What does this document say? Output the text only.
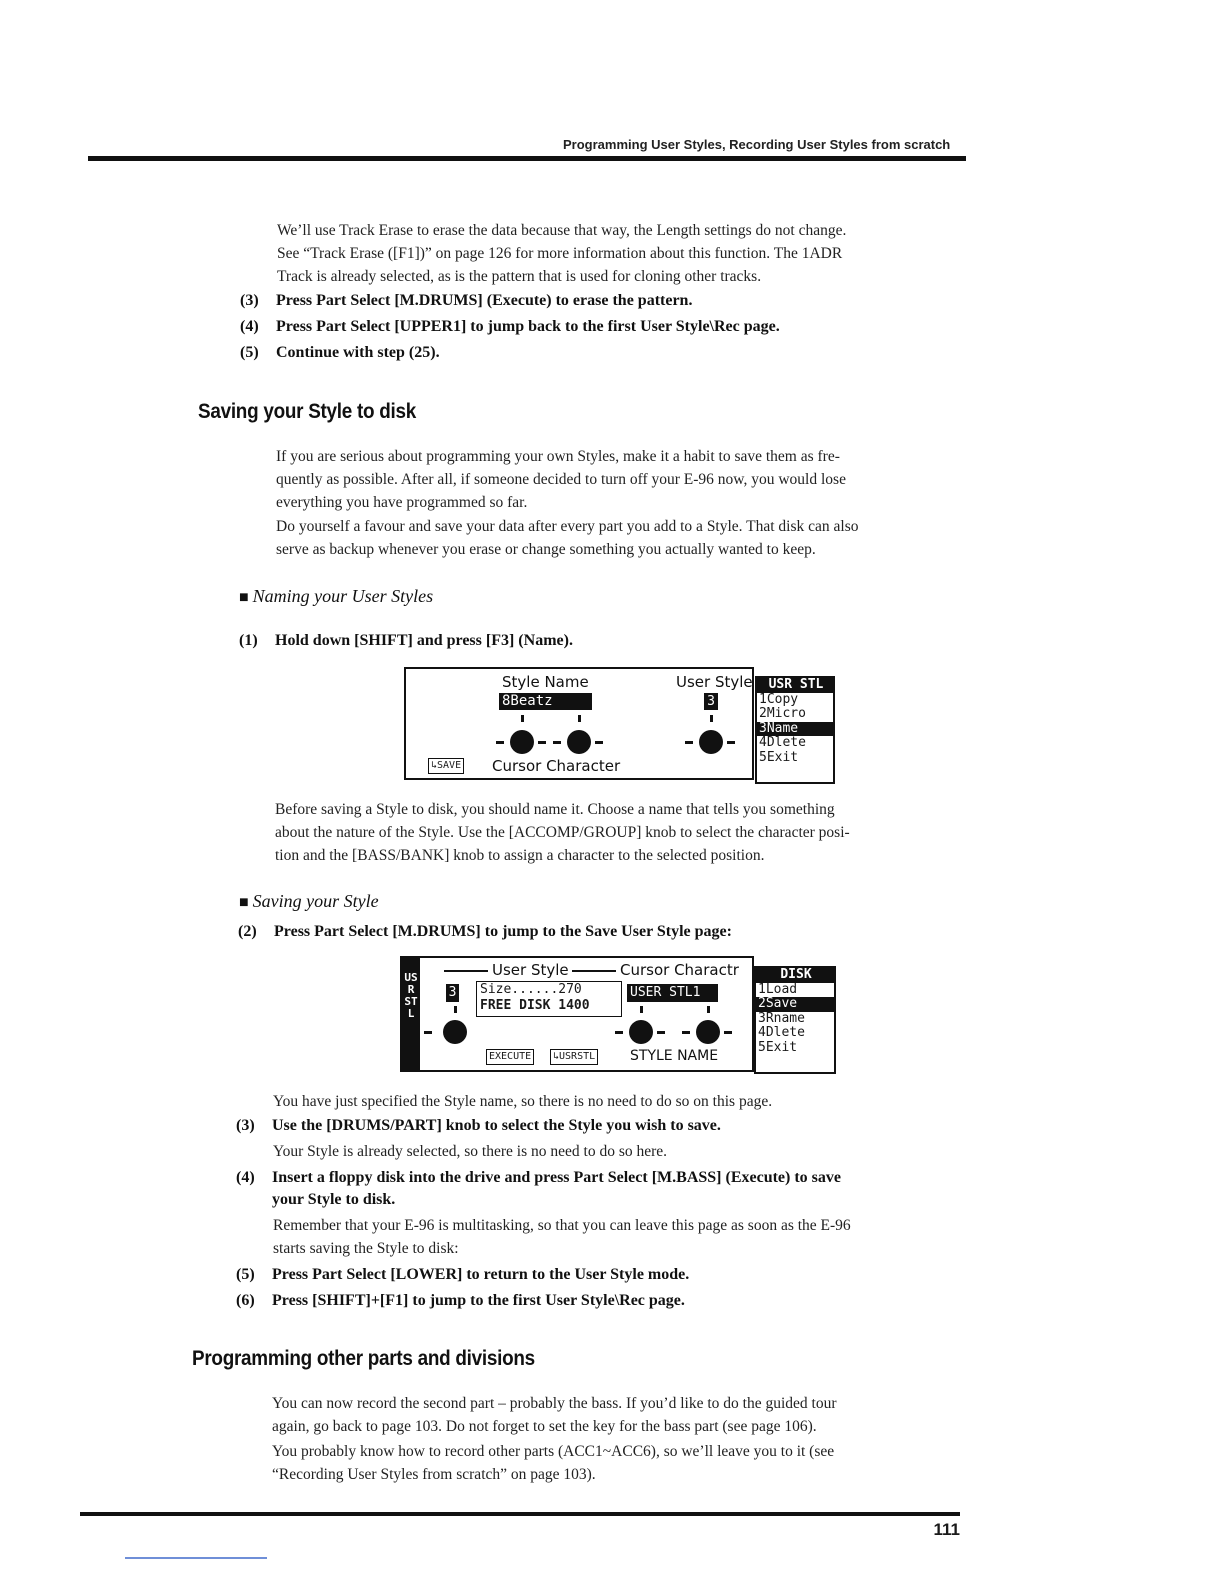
Programming User Styles, Recording User Styles from scratch
We’ll use Track Erase to erase the data because that way, the Length settings do not change.
See “Track Erase ([F1])” on page 126 for more information about this function. The 1ADR
Track is already selected, as is the pattern that is used for cloning other tracks.
(3) Press Part Select [M.DRUMS] (Execute) to erase the pattern.
(4) Press Part Select [UPPER1] to jump back to the first User Style\Rec page.
(5) Continue with step (25).
Saving your Style to disk
If you are serious about programming your own Styles, make it a habit to save them as fre-
quently as possible. After all, if someone decided to turn off your E-96 now, you would lose
everything you have programmed so far.
Do yourself a favour and save your data after every part you add to a Style. That disk can also
serve as backup whenever you erase or change something you actually wanted to keep.
■ Naming your User Styles
(1) Hold down [SHIFT] and press [F3] (Name).
Style Name
8Beatz
User Style
3
↳SAVE Cursor Character
USR STL
1Copy
2Micro
3Name
4Dlete
5Exit
Before saving a Style to disk, you should name it. Choose a name that tells you something
about the nature of the Style. Use the [ACCOMP/GROUP] knob to select the character posi-
tion and the [BASS/BANK] knob to assign a character to the selected position.
■ Saving your Style
(2) Press Part Select [M.DRUMS] to jump to the Save User Style page:
USR STL
User Style	Cursor Charactr
3 Size......270
FREE DISK 1400
USER STL1
EXECUTE	↳USRSTL STYLE NAME
DISK
1Load
2Save
3Rname
4Dlete
5Exit
You have just specified the Style name, so there is no need to do so on this page.
(3) Use the [DRUMS/PART] knob to select the Style you wish to save.
Your Style is already selected, so there is no need to do so here.
(4) Insert a floppy disk into the drive and press Part Select [M.BASS] (Execute) to save
your Style to disk.
Remember that your E-96 is multitasking, so that you can leave this page as soon as the E-96
starts saving the Style to disk:
(5) Press Part Select [LOWER] to return to the User Style mode.
(6) Press [SHIFT]+[F1] to jump to the first User Style\Rec page.
Programming other parts and divisions
You can now record the second part – probably the bass. If you’d like to do the guided tour
again, go back to page 103. Do not forget to set the key for the bass part (see page 106).
You probably know how to record other parts (ACC1~ACC6), so we’ll leave you to it (see
“Recording User Styles from scratch” on page 103).
111
